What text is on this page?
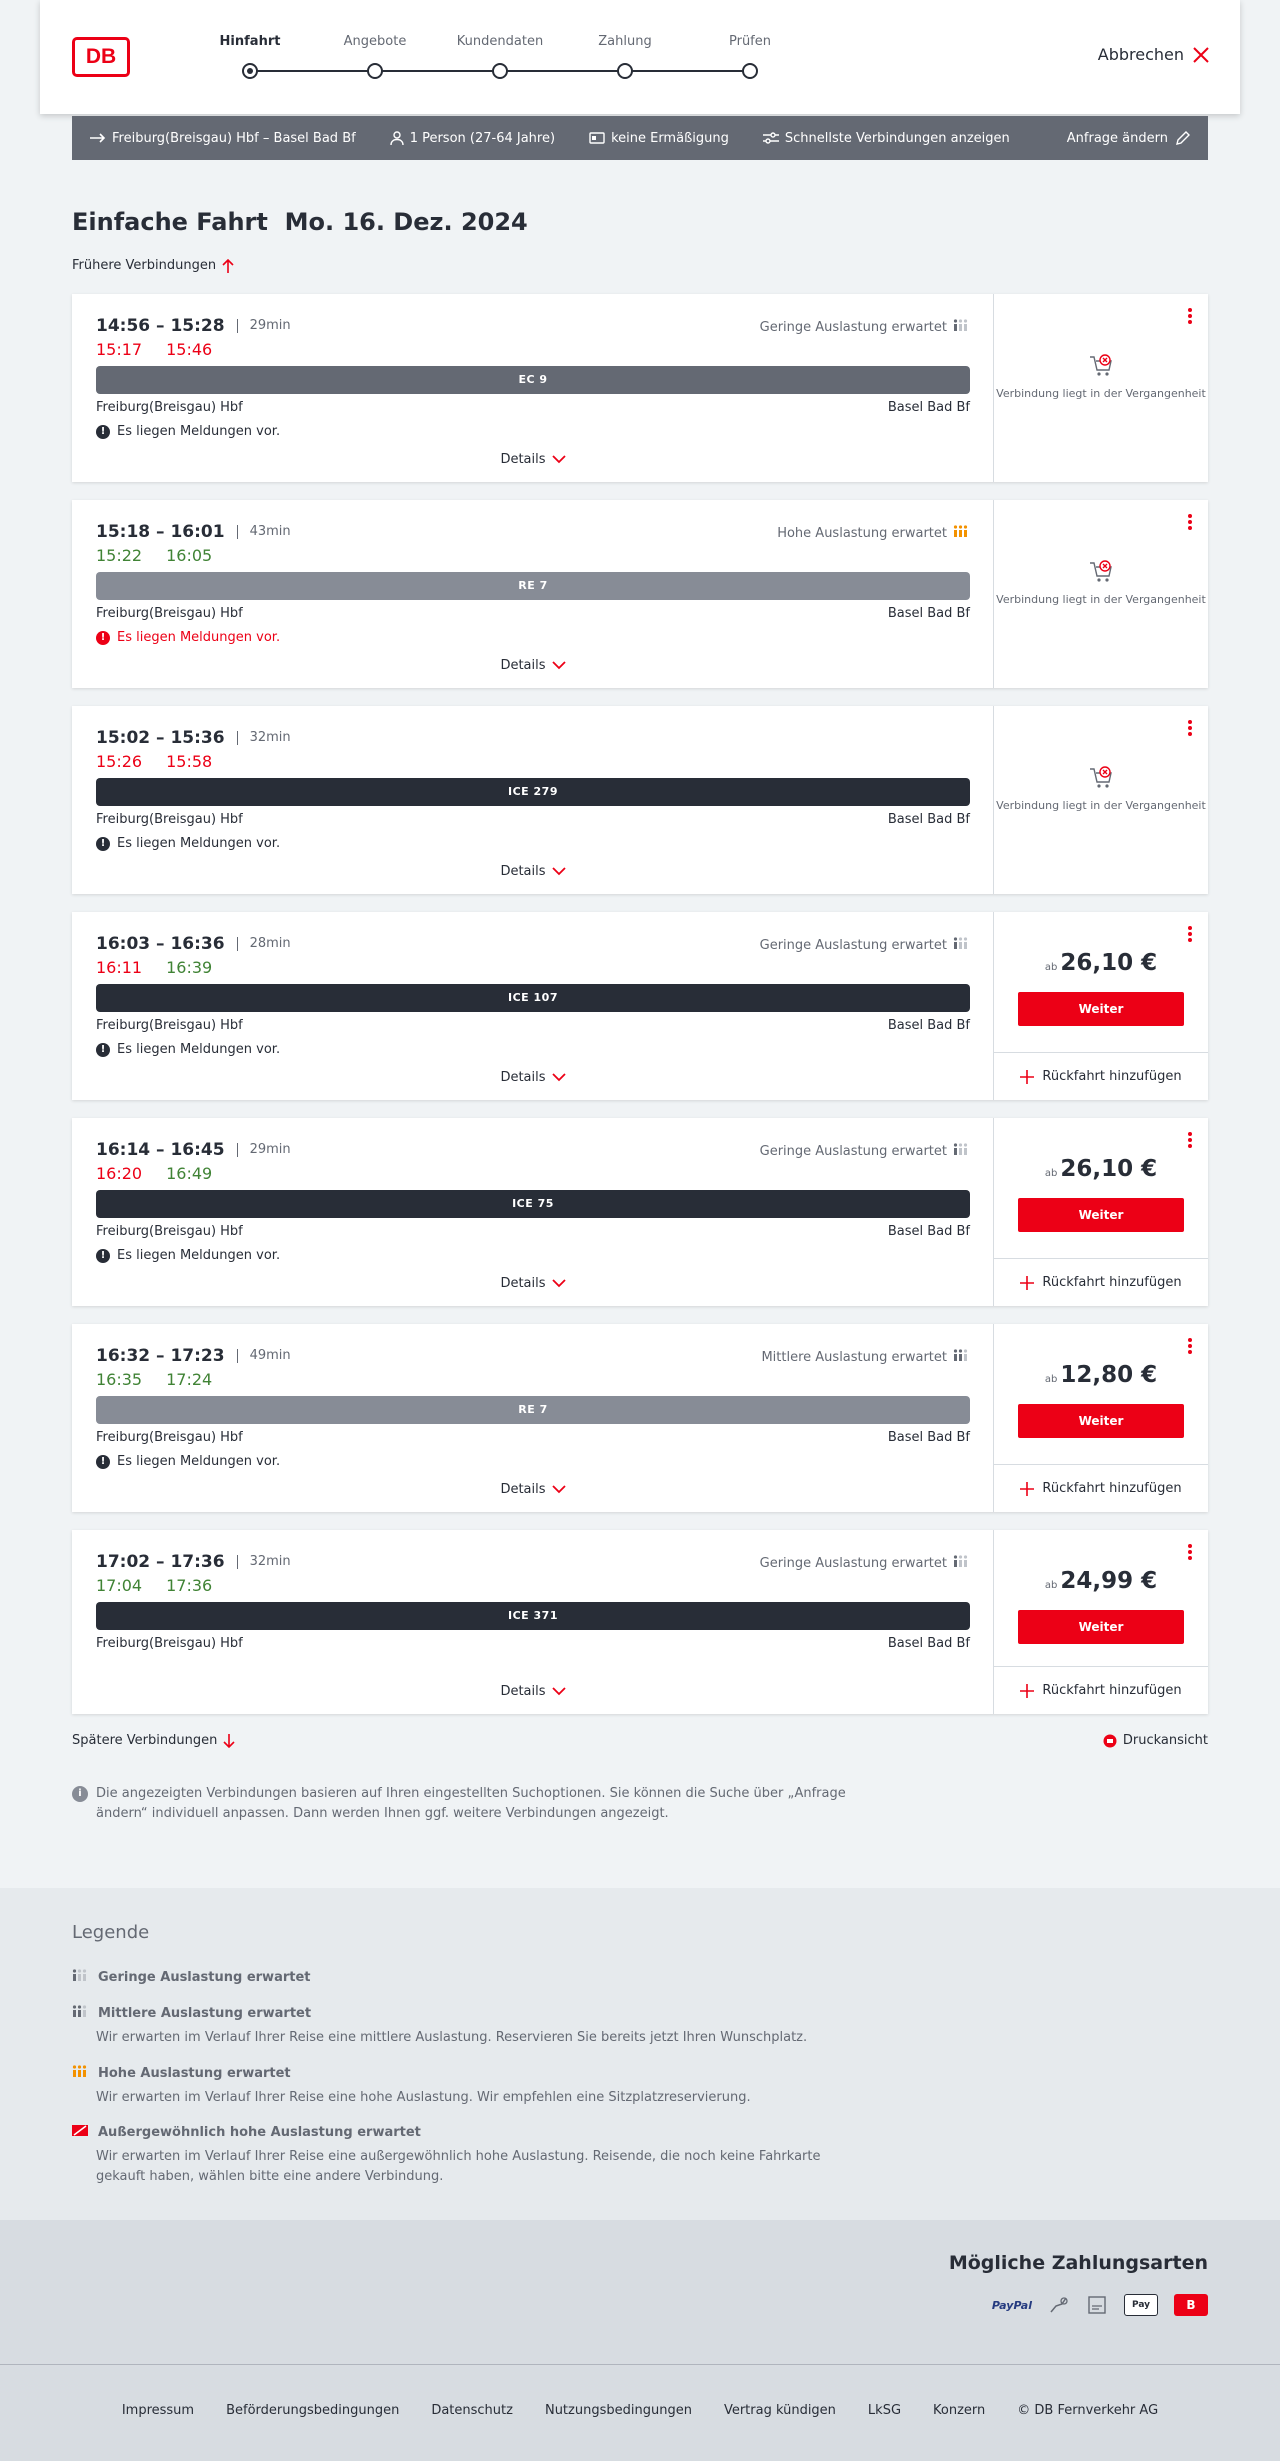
DB
Hinfahrt	Angebote	Kundendaten	Zahlung	Prüfen
Abbrechen
Freiburg(Breisgau) Hbf – Basel Bad Bf	1 Person (27-64 Jahre)	keine Ermäßigung	Schnellste Verbindungen anzeigen	Anfrage ändern
Einfache Fahrt Mo. 16. Dez. 2024
Frühere Verbindungen
14:56 – 15:28	29min
15:17 15:46
Geringe Auslastung erwartet
EC 9
Freiburg(Breisgau) Hbf	Basel Bad Bf
! Es liegen Meldungen vor.
Details
Verbindung liegt in der Vergangenheit
15:18 – 16:01	43min
15:22 16:05
Hohe Auslastung erwartet
RE 7
Freiburg(Breisgau) Hbf	Basel Bad Bf
! Es liegen Meldungen vor.
Details
Verbindung liegt in der Vergangenheit
15:02 – 15:36	32min
15:26 15:58
ICE 279
Freiburg(Breisgau) Hbf	Basel Bad Bf
! Es liegen Meldungen vor.
Details
Verbindung liegt in der Vergangenheit
16:03 – 16:36	28min
16:11 16:39
Geringe Auslastung erwartet
ICE 107
Freiburg(Breisgau) Hbf	Basel Bad Bf
! Es liegen Meldungen vor.
Details
ab 26,10 €
Weiter
Rückfahrt hinzufügen
16:14 – 16:45	29min
16:20 16:49
Geringe Auslastung erwartet
ICE 75
Freiburg(Breisgau) Hbf	Basel Bad Bf
! Es liegen Meldungen vor.
Details
ab 26,10 €
Weiter
Rückfahrt hinzufügen
16:32 – 17:23	49min
16:35 17:24
Mittlere Auslastung erwartet
RE 7
Freiburg(Breisgau) Hbf	Basel Bad Bf
! Es liegen Meldungen vor.
Details
ab 12,80 €
Weiter
Rückfahrt hinzufügen
17:02 – 17:36	32min
17:04 17:36
Geringe Auslastung erwartet
ICE 371
Freiburg(Breisgau) Hbf	Basel Bad Bf
Details
ab 24,99 €
Weiter
Rückfahrt hinzufügen
Spätere Verbindungen	Druckansicht
i	Die angezeigten Verbindungen basieren auf Ihren eingestellten Suchoptionen. Sie können die Suche über „Anfrage ändern“ individuell anpassen. Dann werden Ihnen ggf. weitere Verbindungen angezeigt.
Legende
Geringe Auslastung erwartet
Mittlere Auslastung erwartet
Wir erwarten im Verlauf Ihrer Reise eine mittlere Auslastung. Reservieren Sie bereits jetzt Ihren Wunschplatz.
Hohe Auslastung erwartet
Wir erwarten im Verlauf Ihrer Reise eine hohe Auslastung. Wir empfehlen eine Sitzplatzreservierung.
Außergewöhnlich hohe Auslastung erwartet
Wir erwarten im Verlauf Ihrer Reise eine außergewöhnlich hohe Auslastung. Reisende, die noch keine Fahrkarte gekauft haben, wählen bitte eine andere Verbindung.
Mögliche Zahlungsarten
PayPal	Pay	B
Impressum Beförderungsbedingungen Datenschutz Nutzungsbedingungen Vertrag kündigen LkSG Konzern © DB Fernverkehr AG
